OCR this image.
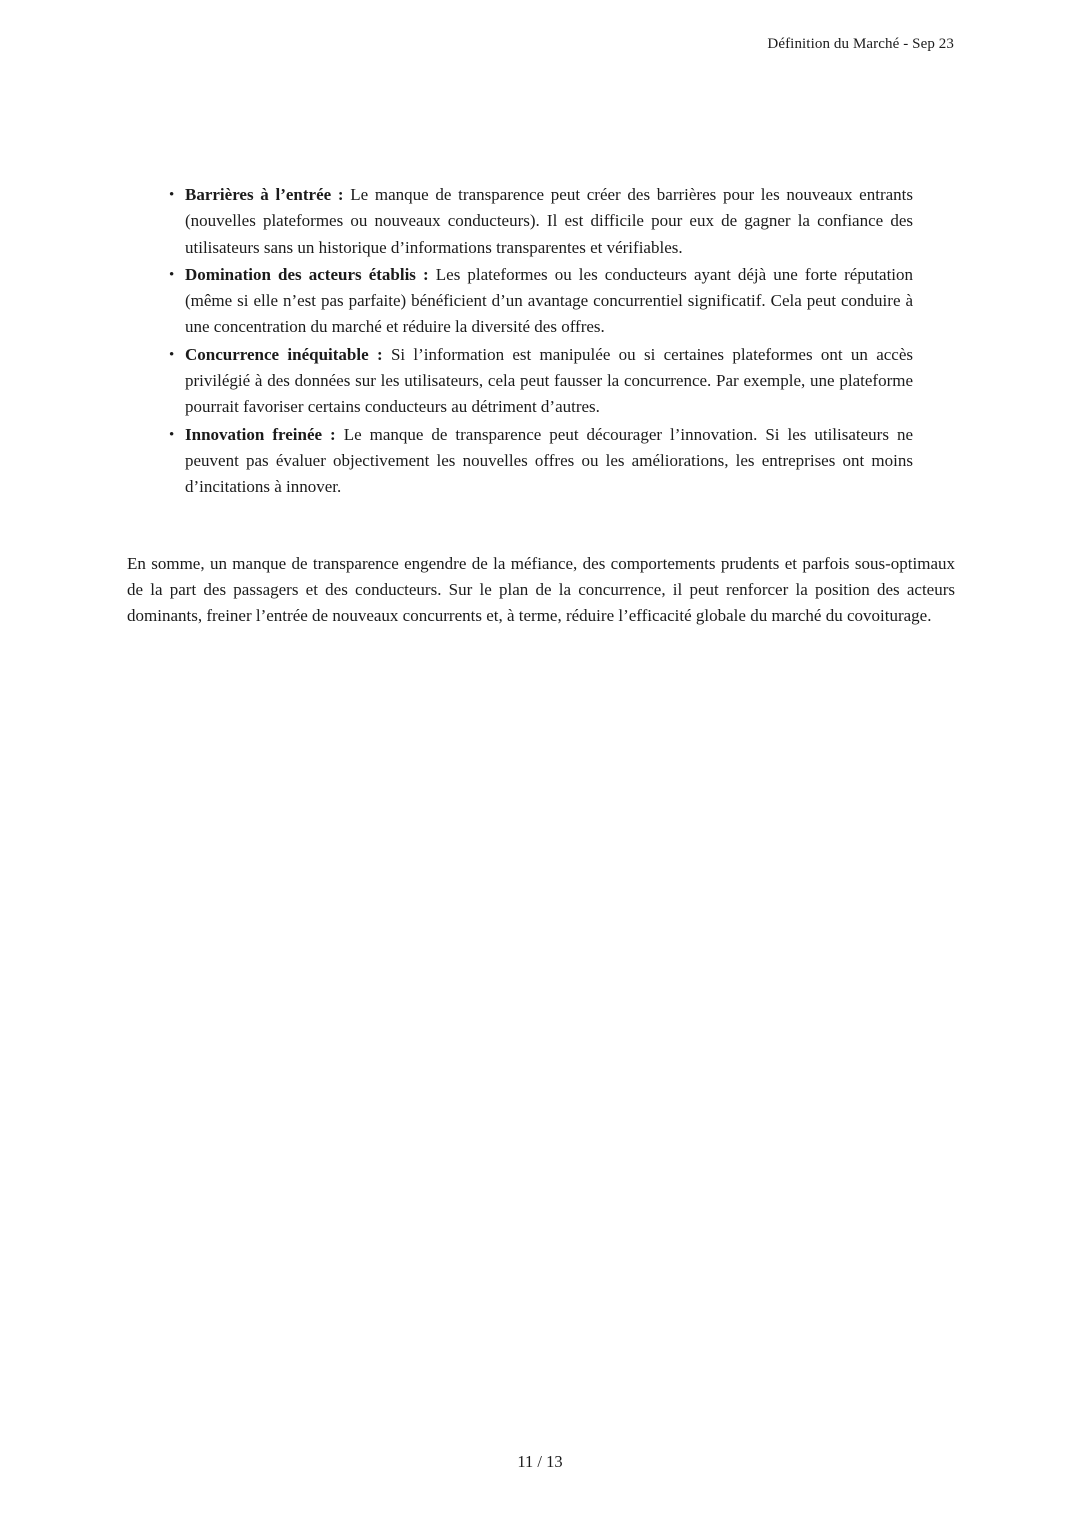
Définition du Marché - Sep 23
• Barrières à l’entrée : Le manque de transparence peut créer des barrières pour les nouveaux entrants (nouvelles plateformes ou nouveaux conducteurs). Il est difficile pour eux de gagner la confiance des utilisateurs sans un historique d’informations transparentes et vérifiables.
• Domination des acteurs établis : Les plateformes ou les conducteurs ayant déjà une forte réputation (même si elle n’est pas parfaite) bénéficient d’un avantage concurrentiel significatif. Cela peut conduire à une concentration du marché et réduire la diversité des offres.
• Concurrence inéquitable : Si l’information est manipulée ou si certaines plateformes ont un accès privilégié à des données sur les utilisateurs, cela peut fausser la concurrence. Par exemple, une plateforme pourrait favoriser certains conducteurs au détriment d’autres.
• Innovation freinée : Le manque de transparence peut décourager l’innovation. Si les utilisateurs ne peuvent pas évaluer objectivement les nouvelles offres ou les améliorations, les entreprises ont moins d’incitations à innover.

En somme, un manque de transparence engendre de la méfiance, des comportements prudents et parfois sous-optimaux de la part des passagers et des conducteurs. Sur le plan de la concurrence, il peut renforcer la position des acteurs dominants, freiner l’entrée de nouveaux concurrents et, à terme, réduire l’efficacité globale du marché du covoiturage.

11 / 13
